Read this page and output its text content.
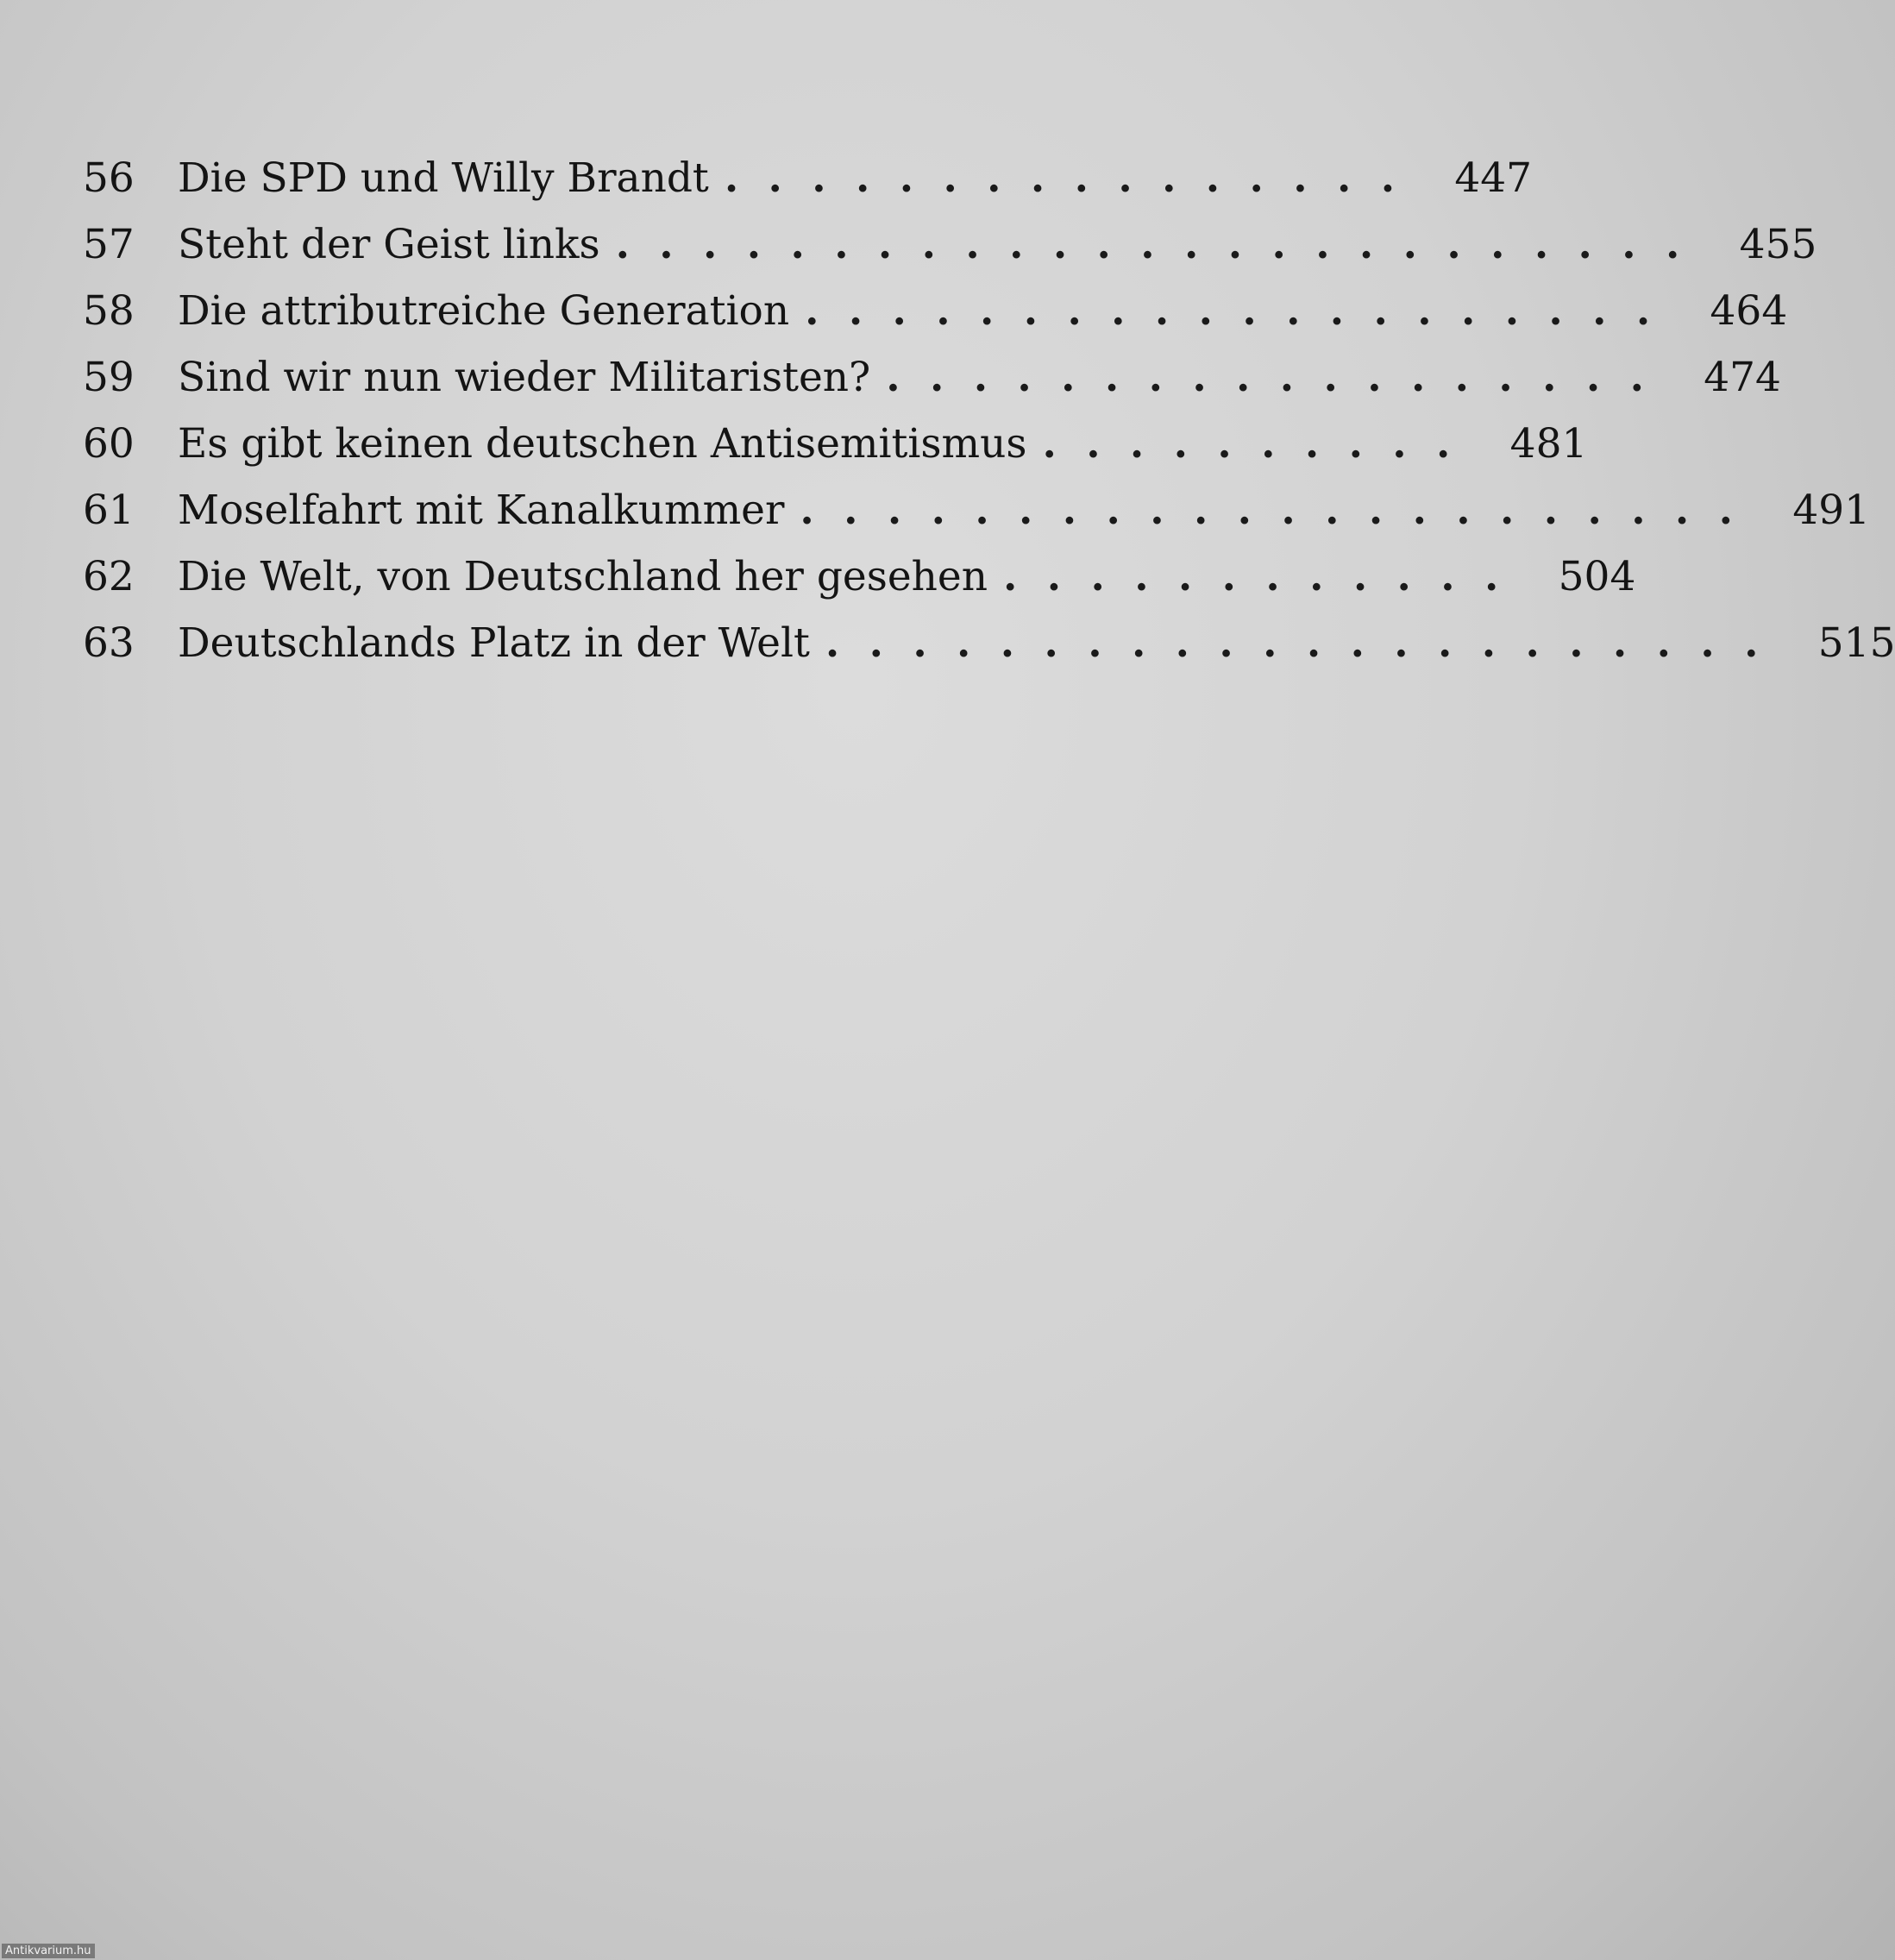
56	Die SPD und Willy Brandt . . . . . . . . . . . . . . . .	447
57	Steht der Geist links . . . . . . . . . . . . . . . . . . . . . . . . .	455
58	Die attributreiche Generation . . . . . . . . . . . . . . . . . . . .	464
59	Sind wir nun wieder Militaristen? . . . . . . . . . . . . . . . . . .	474
60	Es gibt keinen deutschen Antisemitismus . . . . . . . . . .	481
61	Moselfahrt mit Kanalkummer . . . . . . . . . . . . . . . . . . . . . .	491
62	Die Welt, von Deutschland her gesehen . . . . . . . . . . . .	504
63	Deutschlands Platz in der Welt . . . . . . . . . . . . . . . . . . . . . .	515
Antikvarium.hu
